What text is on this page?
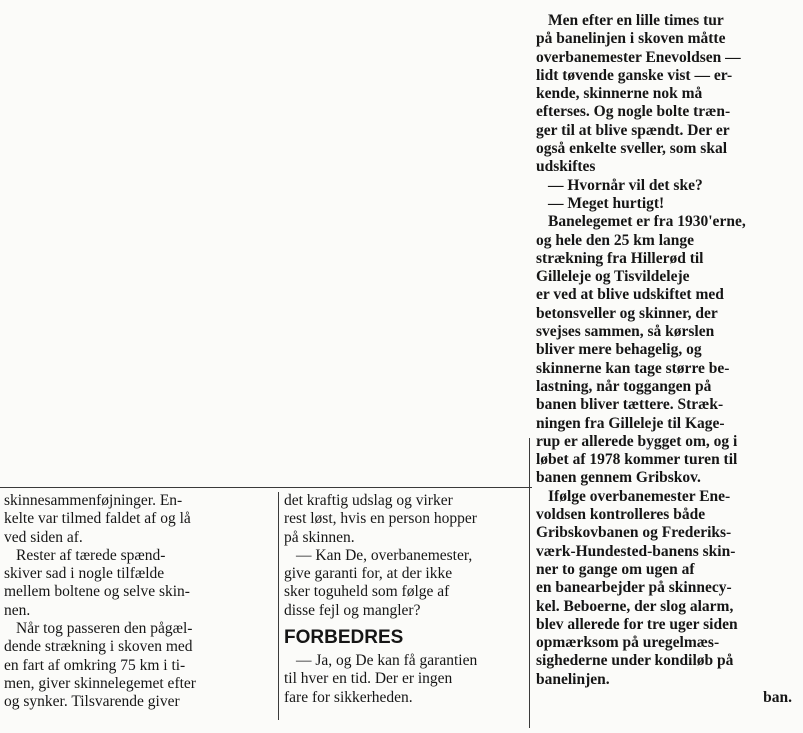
Men efter en lille times tur

på banelinjen i skoven måtte

overbanemester Enevoldsen —

lidt tøvende ganske vist — er-

kende, skinnerne nok må

efterses. Og nogle bolte træn-

ger til at blive spændt. Der er

også enkelte sveller, som skal

udskiftes

— Hvornår vil det ske?

— Meget hurtigt!

Banelegemet er fra 1930'erne,

og hele den 25 km lange

strækning fra Hillerød til

Gilleleje og Tisvildeleje

er ved at blive udskiftet med

betonsveller og skinner, der

svejses sammen, så kørslen

bliver mere behagelig, og

skinnerne kan tage større be-

lastning, når toggangen på

banen bliver tættere. Stræk-

ningen fra Gilleleje til Kage-

rup er allerede bygget om, og i

løbet af 1978 kommer turen til

banen gennem Gribskov.

Ifølge overbanemester Ene-

voldsen kontrolleres både

Gribskovbanen og Frederiks-

værk-Hundested-banens skin-

ner to gange om ugen af

en banearbejder på skinnecy-

kel. Beboerne, der slog alarm,

blev allerede for tre uger siden

opmærksom på uregelmæs-

sighederne under kondiløb på

banelinjen.

ban.

skinnesammenføjninger. En-

kelte var tilmed faldet af og lå

ved siden af.

Rester af tærede spænd-

skiver sad i nogle tilfælde

mellem boltene og selve skin-

nen.

Når tog passeren den pågæl-

dende strækning i skoven med

en fart af omkring 75 km i ti-

men, giver skinnelegemet efter

og synker. Tilsvarende giver

det kraftig udslag og virker

rest løst, hvis en person hopper

på skinnen.

— Kan De, overbanemester,

give garanti for, at der ikke

sker toguheld som følge af

disse fejl og mangler?

FORBEDRES

— Ja, og De kan få garantien

til hver en tid. Der er ingen

fare for sikkerheden.
